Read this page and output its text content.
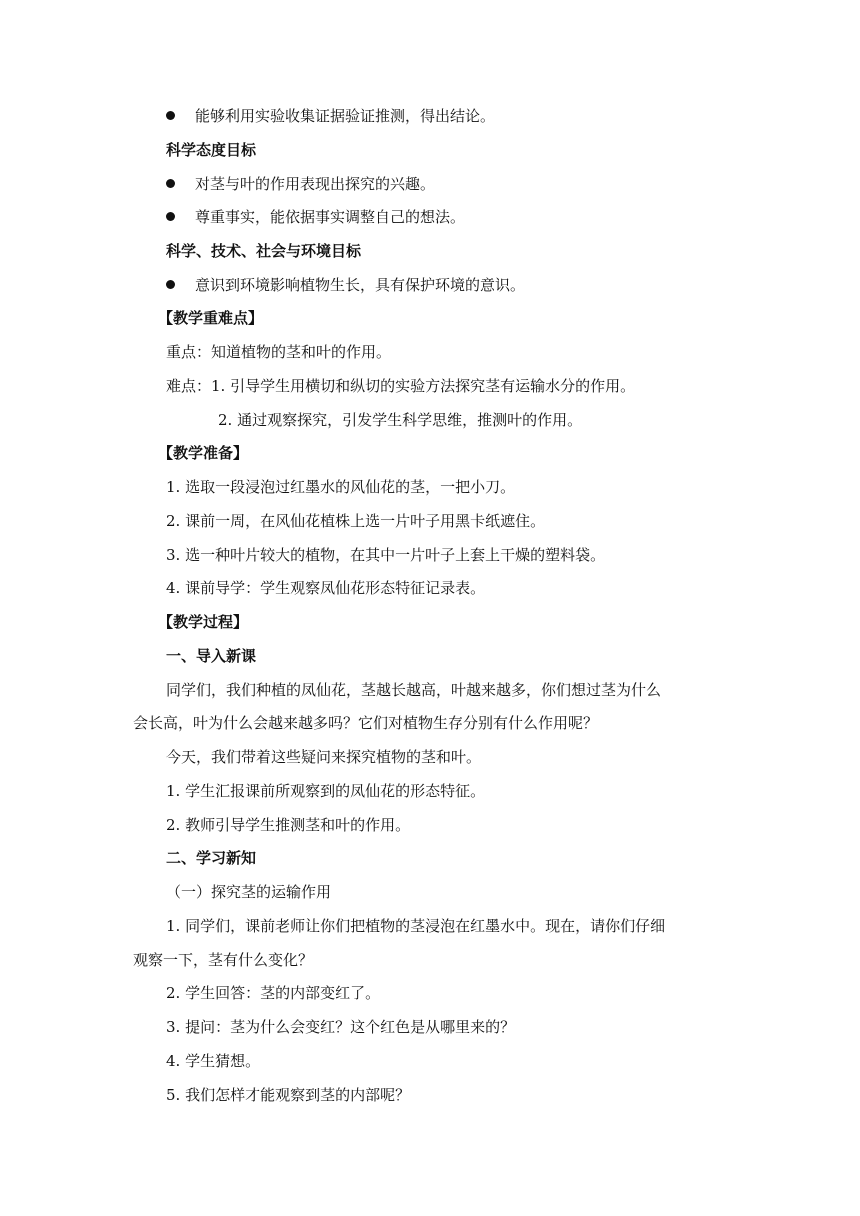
能够利用实验收集证据验证推测，得出结论。
科学态度目标
对茎与叶的作用表现出探究的兴趣。
尊重事实，能依据事实调整自己的想法。
科学、技术、社会与环境目标
意识到环境影响植物生长，具有保护环境的意识。
【教学重难点】
重点：知道植物的茎和叶的作用。
难点：1. 引导学生用横切和纵切的实验方法探究茎有运输水分的作用。
2. 通过观察探究，引发学生科学思维，推测叶的作用。
【教学准备】
1. 选取一段浸泡过红墨水的风仙花的茎，一把小刀。
2. 课前一周，在风仙花植株上选一片叶子用黑卡纸遮住。
3. 选一种叶片较大的植物，在其中一片叶子上套上干燥的塑料袋。
4. 课前导学：学生观察凤仙花形态特征记录表。
【教学过程】
一、导入新课
同学们，我们种植的凤仙花，茎越长越高，叶越来越多，你们想过茎为什么
会长高，叶为什么会越来越多吗？它们对植物生存分别有什么作用呢？
今天，我们带着这些疑问来探究植物的茎和叶。
1. 学生汇报课前所观察到的凤仙花的形态特征。
2. 教师引导学生推测茎和叶的作用。
二、学习新知
（一）探究茎的运输作用
1. 同学们，课前老师让你们把植物的茎浸泡在红墨水中。现在，请你们仔细
观察一下，茎有什么变化？
2. 学生回答：茎的内部变红了。
3. 提问：茎为什么会变红？这个红色是从哪里来的？
4. 学生猜想。
5. 我们怎样才能观察到茎的内部呢？
